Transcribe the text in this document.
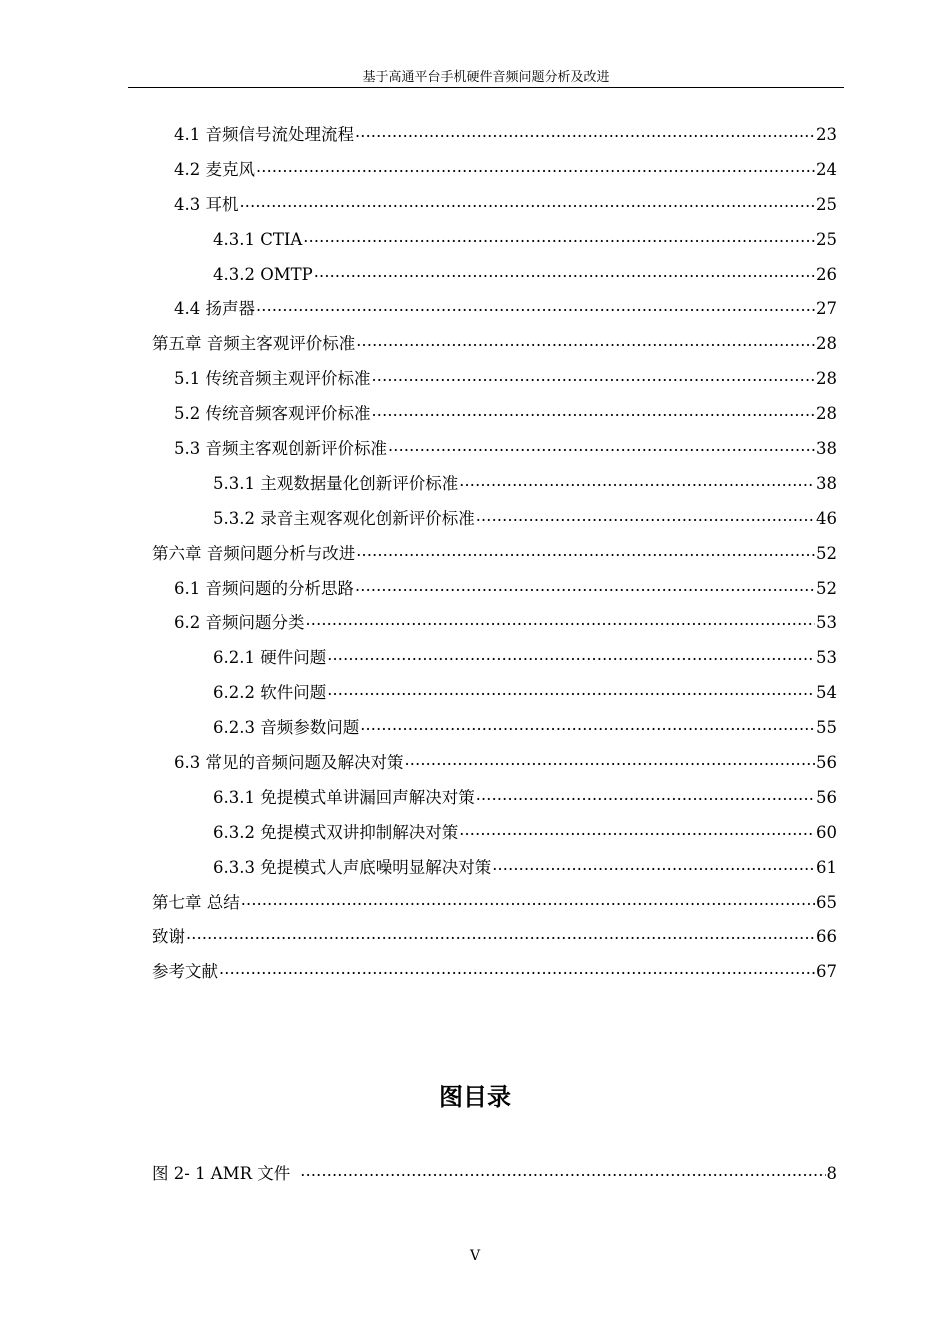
基于高通平台手机硬件音频问题分析及改进
4.1 音频信号流处理流程 .....	23
4.2 麦克风 .....	24
4.3 耳机 .....	25
4.3.1 CTIA .....	25
4.3.2 OMTP .....	26
4.4 扬声器 .....	27
第五章 音频主客观评价标准 .....	28
5.1 传统音频主观评价标准 .....	28
5.2 传统音频客观评价标准 .....	28
5.3 音频主客观创新评价标准 .....	38
5.3.1 主观数据量化创新评价标准 .....	38
5.3.2 录音主观客观化创新评价标准 .....	46
第六章 音频问题分析与改进 .....	52
6.1 音频问题的分析思路 .....	52
6.2 音频问题分类 .....	53
6.2.1 硬件问题 .....	53
6.2.2 软件问题 .....	54
6.2.3 音频参数问题 .....	55
6.3 常见的音频问题及解决对策 .....	56
6.3.1 免提模式单讲漏回声解决对策 .....	56
6.3.2 免提模式双讲抑制解决对策 .....	60
6.3.3 免提模式人声底噪明显解决对策 .....	61
第七章 总结 .....	65
致谢 .....	66
参考文献 .....	67
图目录
图 2- 1 AMR 文件 .....	8
V
